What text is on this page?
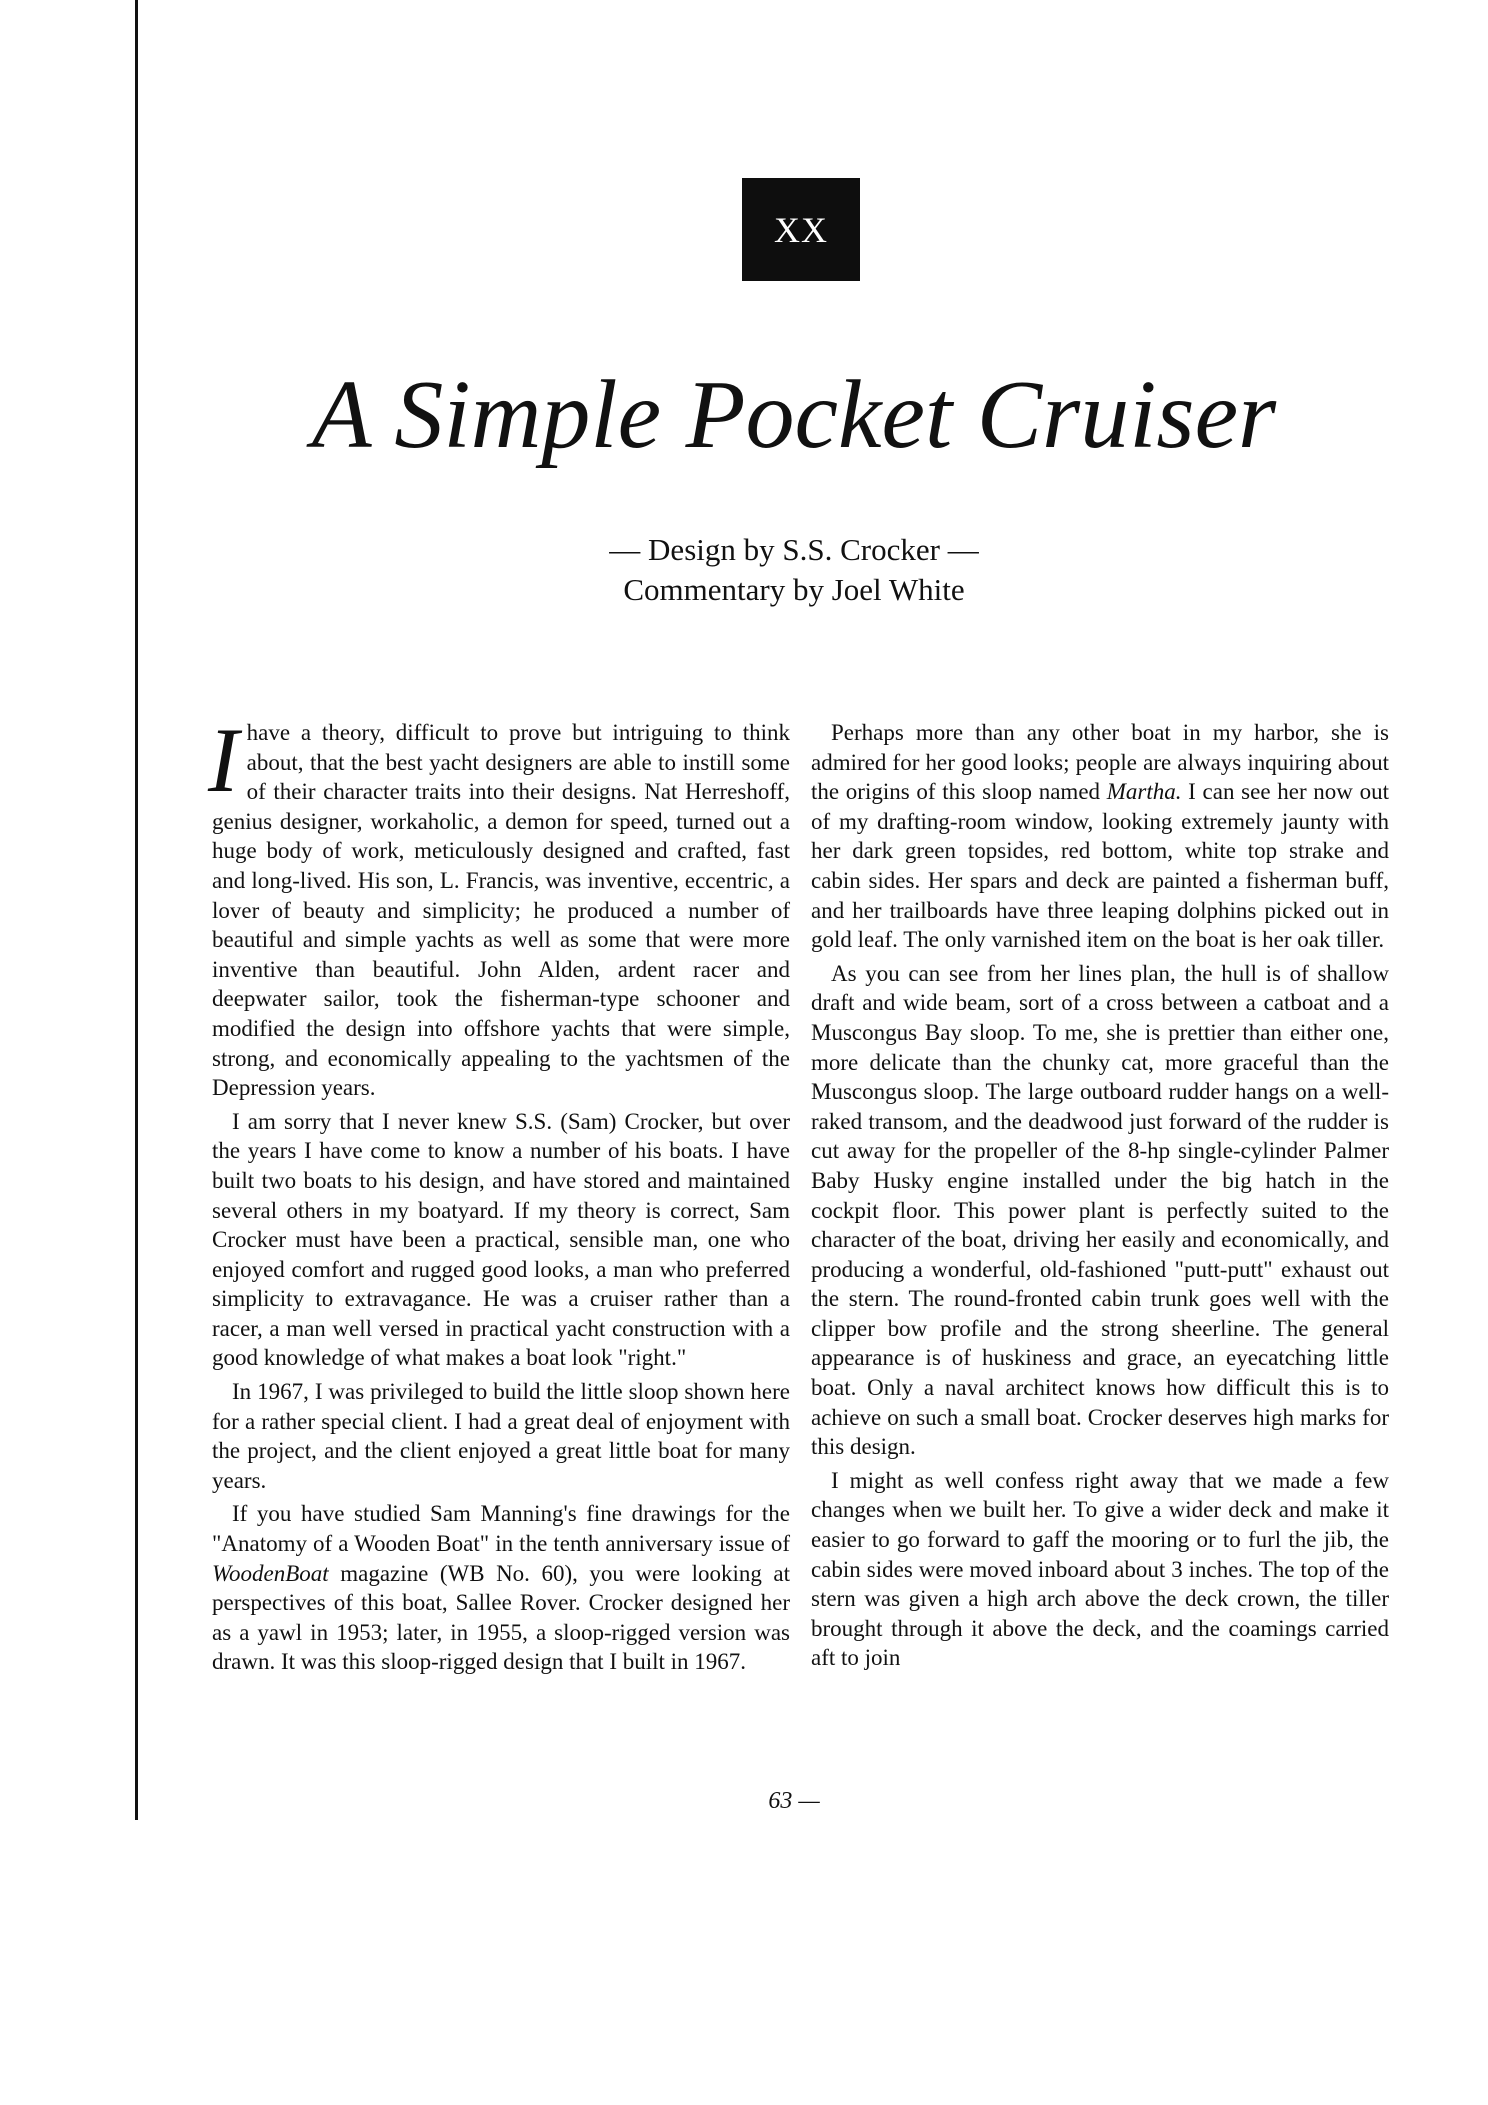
XX
A Simple Pocket Cruiser
— Design by S.S. Crocker —
Commentary by Joel White

Ihave a theory, difficult to prove but intriguing to think about, that the best yacht designers are able to instill some of their character traits into their designs. Nat Herreshoff, genius designer, workaholic, a demon for speed, turned out a huge body of work, meticulously designed and crafted, fast and long-lived. His son, L. Francis, was inventive, eccentric, a lover of beauty and simplicity; he produced a number of beautiful and simple yachts as well as some that were more inventive than beautiful. John Alden, ardent racer and deepwater sailor, took the fisherman-type schooner and modified the design into offshore yachts that were simple, strong, and economically appealing to the yachtsmen of the Depression years.

I am sorry that I never knew S.S. (Sam) Crocker, but over the years I have come to know a number of his boats. I have built two boats to his design, and have stored and maintained several others in my boatyard. If my theory is correct, Sam Crocker must have been a practical, sensible man, one who enjoyed comfort and rugged good looks, a man who preferred simplicity to extravagance. He was a cruiser rather than a racer, a man well versed in practical yacht construction with a good knowledge of what makes a boat look "right."

In 1967, I was privileged to build the little sloop shown here for a rather special client. I had a great deal of enjoyment with the project, and the client enjoyed a great little boat for many years.

If you have studied Sam Manning's fine drawings for the "Anatomy of a Wooden Boat" in the tenth anniversary issue of WoodenBoat magazine (WB No. 60), you were looking at perspectives of this boat, Sallee Rover. Crocker designed her as a yawl in 1953; later, in 1955, a sloop-rigged version was drawn. It was this sloop-rigged design that I built in 1967.

Perhaps more than any other boat in my harbor, she is admired for her good looks; people are always inquiring about the origins of this sloop named Martha. I can see her now out of my drafting-room window, looking extremely jaunty with her dark green topsides, red bottom, white top strake and cabin sides. Her spars and deck are painted a fisherman buff, and her trailboards have three leaping dolphins picked out in gold leaf. The only varnished item on the boat is her oak tiller.

As you can see from her lines plan, the hull is of shallow draft and wide beam, sort of a cross between a catboat and a Muscongus Bay sloop. To me, she is prettier than either one, more delicate than the chunky cat, more graceful than the Muscongus sloop. The large outboard rudder hangs on a well-raked transom, and the deadwood just forward of the rudder is cut away for the propeller of the 8-hp single-cylinder Palmer Baby Husky engine installed under the big hatch in the cockpit floor. This power plant is perfectly suited to the character of the boat, driving her easily and economically, and producing a wonderful, old-fashioned "putt-putt" exhaust out the stern. The round-fronted cabin trunk goes well with the clipper bow profile and the strong sheerline. The general appearance is of huskiness and grace, an eyecatching little boat. Only a naval architect knows how difficult this is to achieve on such a small boat. Crocker deserves high marks for this design.

I might as well confess right away that we made a few changes when we built her. To give a wider deck and make it easier to go forward to gaff the mooring or to furl the jib, the cabin sides were moved inboard about 3 inches. The top of the stern was given a high arch above the deck crown, the tiller brought through it above the deck, and the coamings carried aft to join

63 —
